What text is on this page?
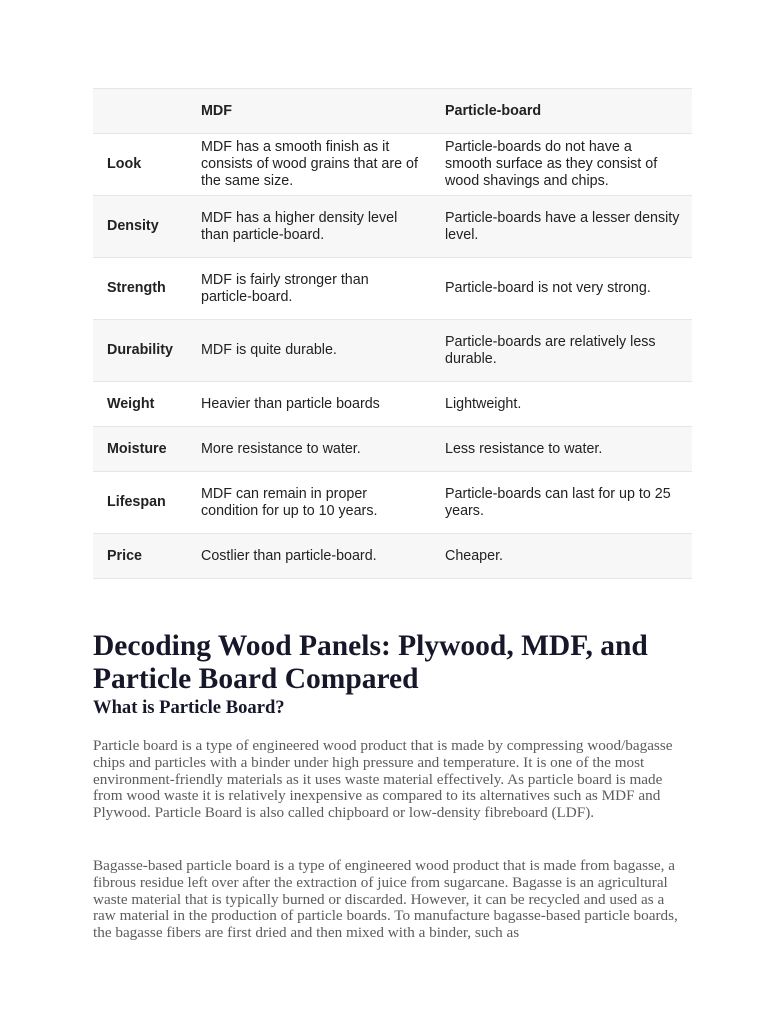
	MDF	Particle-board
Look	MDF has a smooth finish as it consists of wood grains that are of the same size.	Particle-boards do not have a smooth surface as they consist of wood shavings and chips.
Density	MDF has a higher density level than particle-board.	Particle-boards have a lesser density level.
Strength	MDF is fairly stronger than particle-board.	Particle-board is not very strong.
Durability	MDF is quite durable.	Particle-boards are relatively less durable.
Weight	Heavier than particle boards	Lightweight.
Moisture	More resistance to water.	Less resistance to water.
Lifespan	MDF can remain in proper condition for up to 10 years.	Particle-boards can last for up to 25 years.
Price	Costlier than particle-board.	Cheaper.
Decoding Wood Panels: Plywood, MDF, and Particle Board Compared
What is Particle Board?

Particle board is a type of engineered wood product that is made by compressing wood/bagasse chips and particles with a binder under high pressure and temperature. It is one of the most environment-friendly materials as it uses waste material effectively. As particle board is made from wood waste it is relatively inexpensive as compared to its alternatives such as MDF and Plywood. Particle Board is also called chipboard or low-density fibreboard (LDF).

Bagasse-based particle board is a type of engineered wood product that is made from bagasse, a fibrous residue left over after the extraction of juice from sugarcane. Bagasse is an agricultural waste material that is typically burned or discarded. However, it can be recycled and used as a raw material in the production of particle boards. To manufacture bagasse-based particle boards, the bagasse fibers are first dried and then mixed with a binder, such as
